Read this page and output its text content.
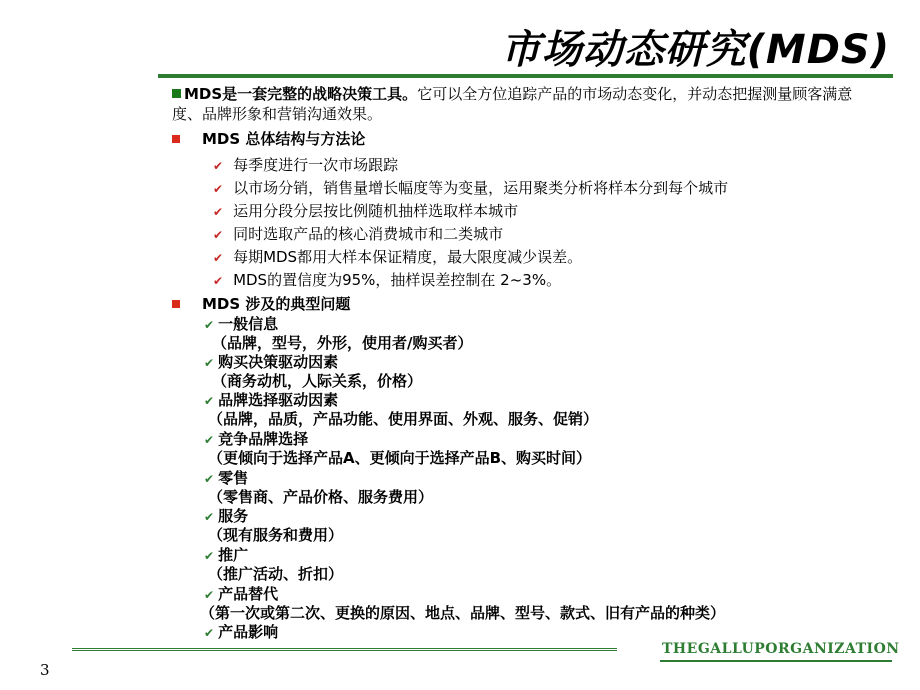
市场动态研究(MDS)
MDS是一套完整的战略决策工具。它可以全方位追踪产品的市场动态变化，并动态把握测量顾客满意度、品牌形象和营销沟通效果。
MDS 总体结构与方法论
✔ 每季度进行一次市场跟踪
✔ 以市场分销，销售量增长幅度等为变量，运用聚类分析将样本分到每个城市
✔ 运用分段分层按比例随机抽样选取样本城市
✔ 同时选取产品的核心消费城市和二类城市
✔ 每期MDS都用大样本保证精度，最大限度减少误差。
✔ MDS的置信度为95%，抽样误差控制在 2~3%。
MDS 涉及的典型问题
✔ 一般信息
（品牌，型号，外形，使用者/购买者）
✔ 购买决策驱动因素
（商务动机，人际关系，价格）
✔ 品牌选择驱动因素
（品牌，品质，产品功能、使用界面、外观、服务、促销）
✔ 竞争品牌选择
（更倾向于选择产品A、更倾向于选择产品B、购买时间）
✔ 零售
（零售商、产品价格、服务费用）
✔ 服务
（现有服务和费用）
✔ 推广
（推广活动、折扣）
✔ 产品替代
（第一次或第二次、更换的原因、地点、品牌、型号、款式、旧有产品的种类）
✔ 产品影响
THEGALLUPORGANIZATION
3
